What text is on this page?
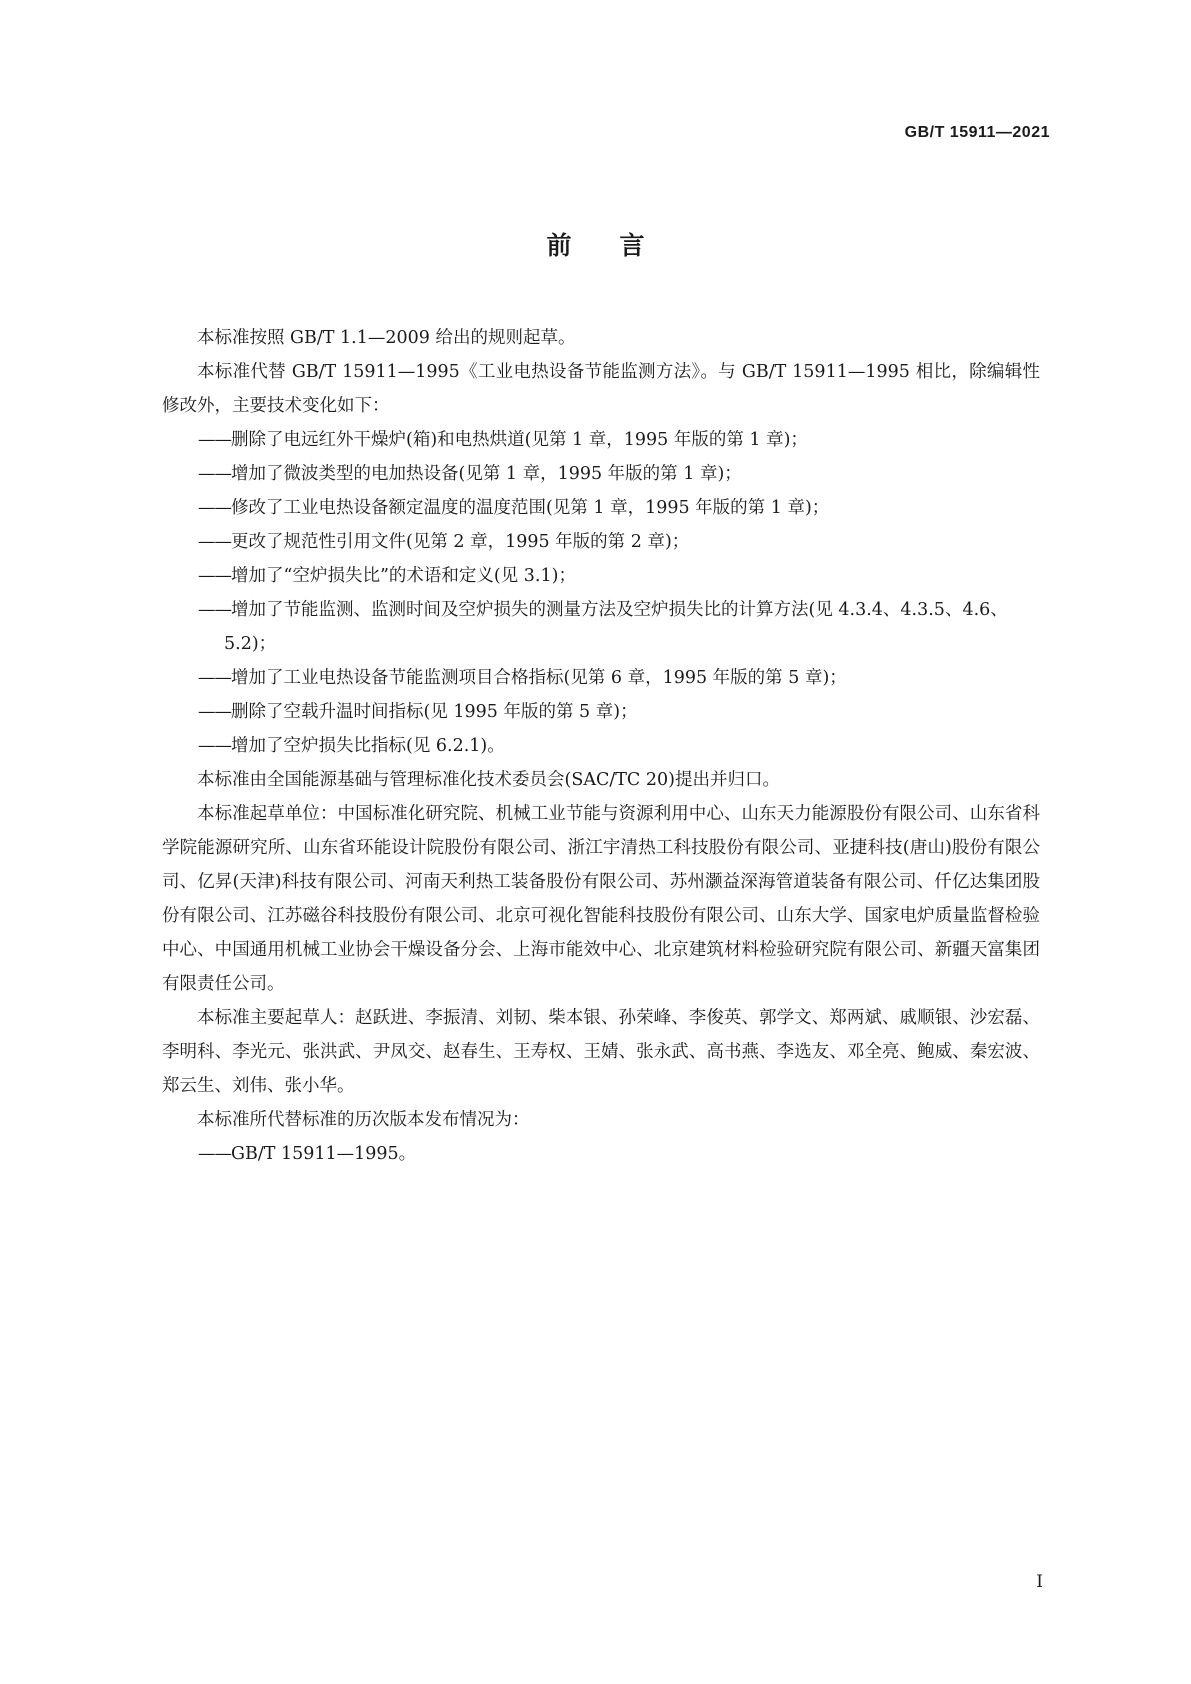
GB/T 15911—2021
前言

本标准按照 GB/T 1.1—2009 给出的规则起草。

本标准代替 GB/T 15911—1995《工业电热设备节能监测方法》。与 GB/T 15911—1995 相比，除编辑性修改外，主要技术变化如下：

——删除了电远红外干燥炉(箱)和电热烘道(见第 1 章，1995 年版的第 1 章)；
——增加了微波类型的电加热设备(见第 1 章，1995 年版的第 1 章)；
——修改了工业电热设备额定温度的温度范围(见第 1 章，1995 年版的第 1 章)；
——更改了规范性引用文件(见第 2 章，1995 年版的第 2 章)；
——增加了“空炉损失比”的术语和定义(见 3.1)；
——增加了节能监测、监测时间及空炉损失的测量方法及空炉损失比的计算方法(见 4.3.4、4.3.5、4.6、5.2)；
——增加了工业电热设备节能监测项目合格指标(见第 6 章，1995 年版的第 5 章)；
——删除了空载升温时间指标(见 1995 年版的第 5 章)；
——增加了空炉损失比指标(见 6.2.1)。

本标准由全国能源基础与管理标准化技术委员会(SAC/TC 20)提出并归口。

本标准起草单位：中国标准化研究院、机械工业节能与资源利用中心、山东天力能源股份有限公司、山东省科学院能源研究所、山东省环能设计院股份有限公司、浙江宇清热工科技股份有限公司、亚捷科技(唐山)股份有限公司、亿昇(天津)科技有限公司、河南天利热工装备股份有限公司、苏州灏益深海管道装备有限公司、仟亿达集团股份有限公司、江苏磁谷科技股份有限公司、北京可视化智能科技股份有限公司、山东大学、国家电炉质量监督检验中心、中国通用机械工业协会干燥设备分会、上海市能效中心、北京建筑材料检验研究院有限公司、新疆天富集团有限责任公司。

本标准主要起草人：赵跃进、李振清、刘韧、柴本银、孙荣峰、李俊英、郭学文、郑两斌、戚顺银、沙宏磊、李明科、李光元、张洪武、尹凤交、赵春生、王寿权、王婧、张永武、高书燕、李选友、邓全亮、鲍威、秦宏波、郑云生、刘伟、张小华。

本标准所代替标准的历次版本发布情况为：

——GB/T 15911—1995。
I
